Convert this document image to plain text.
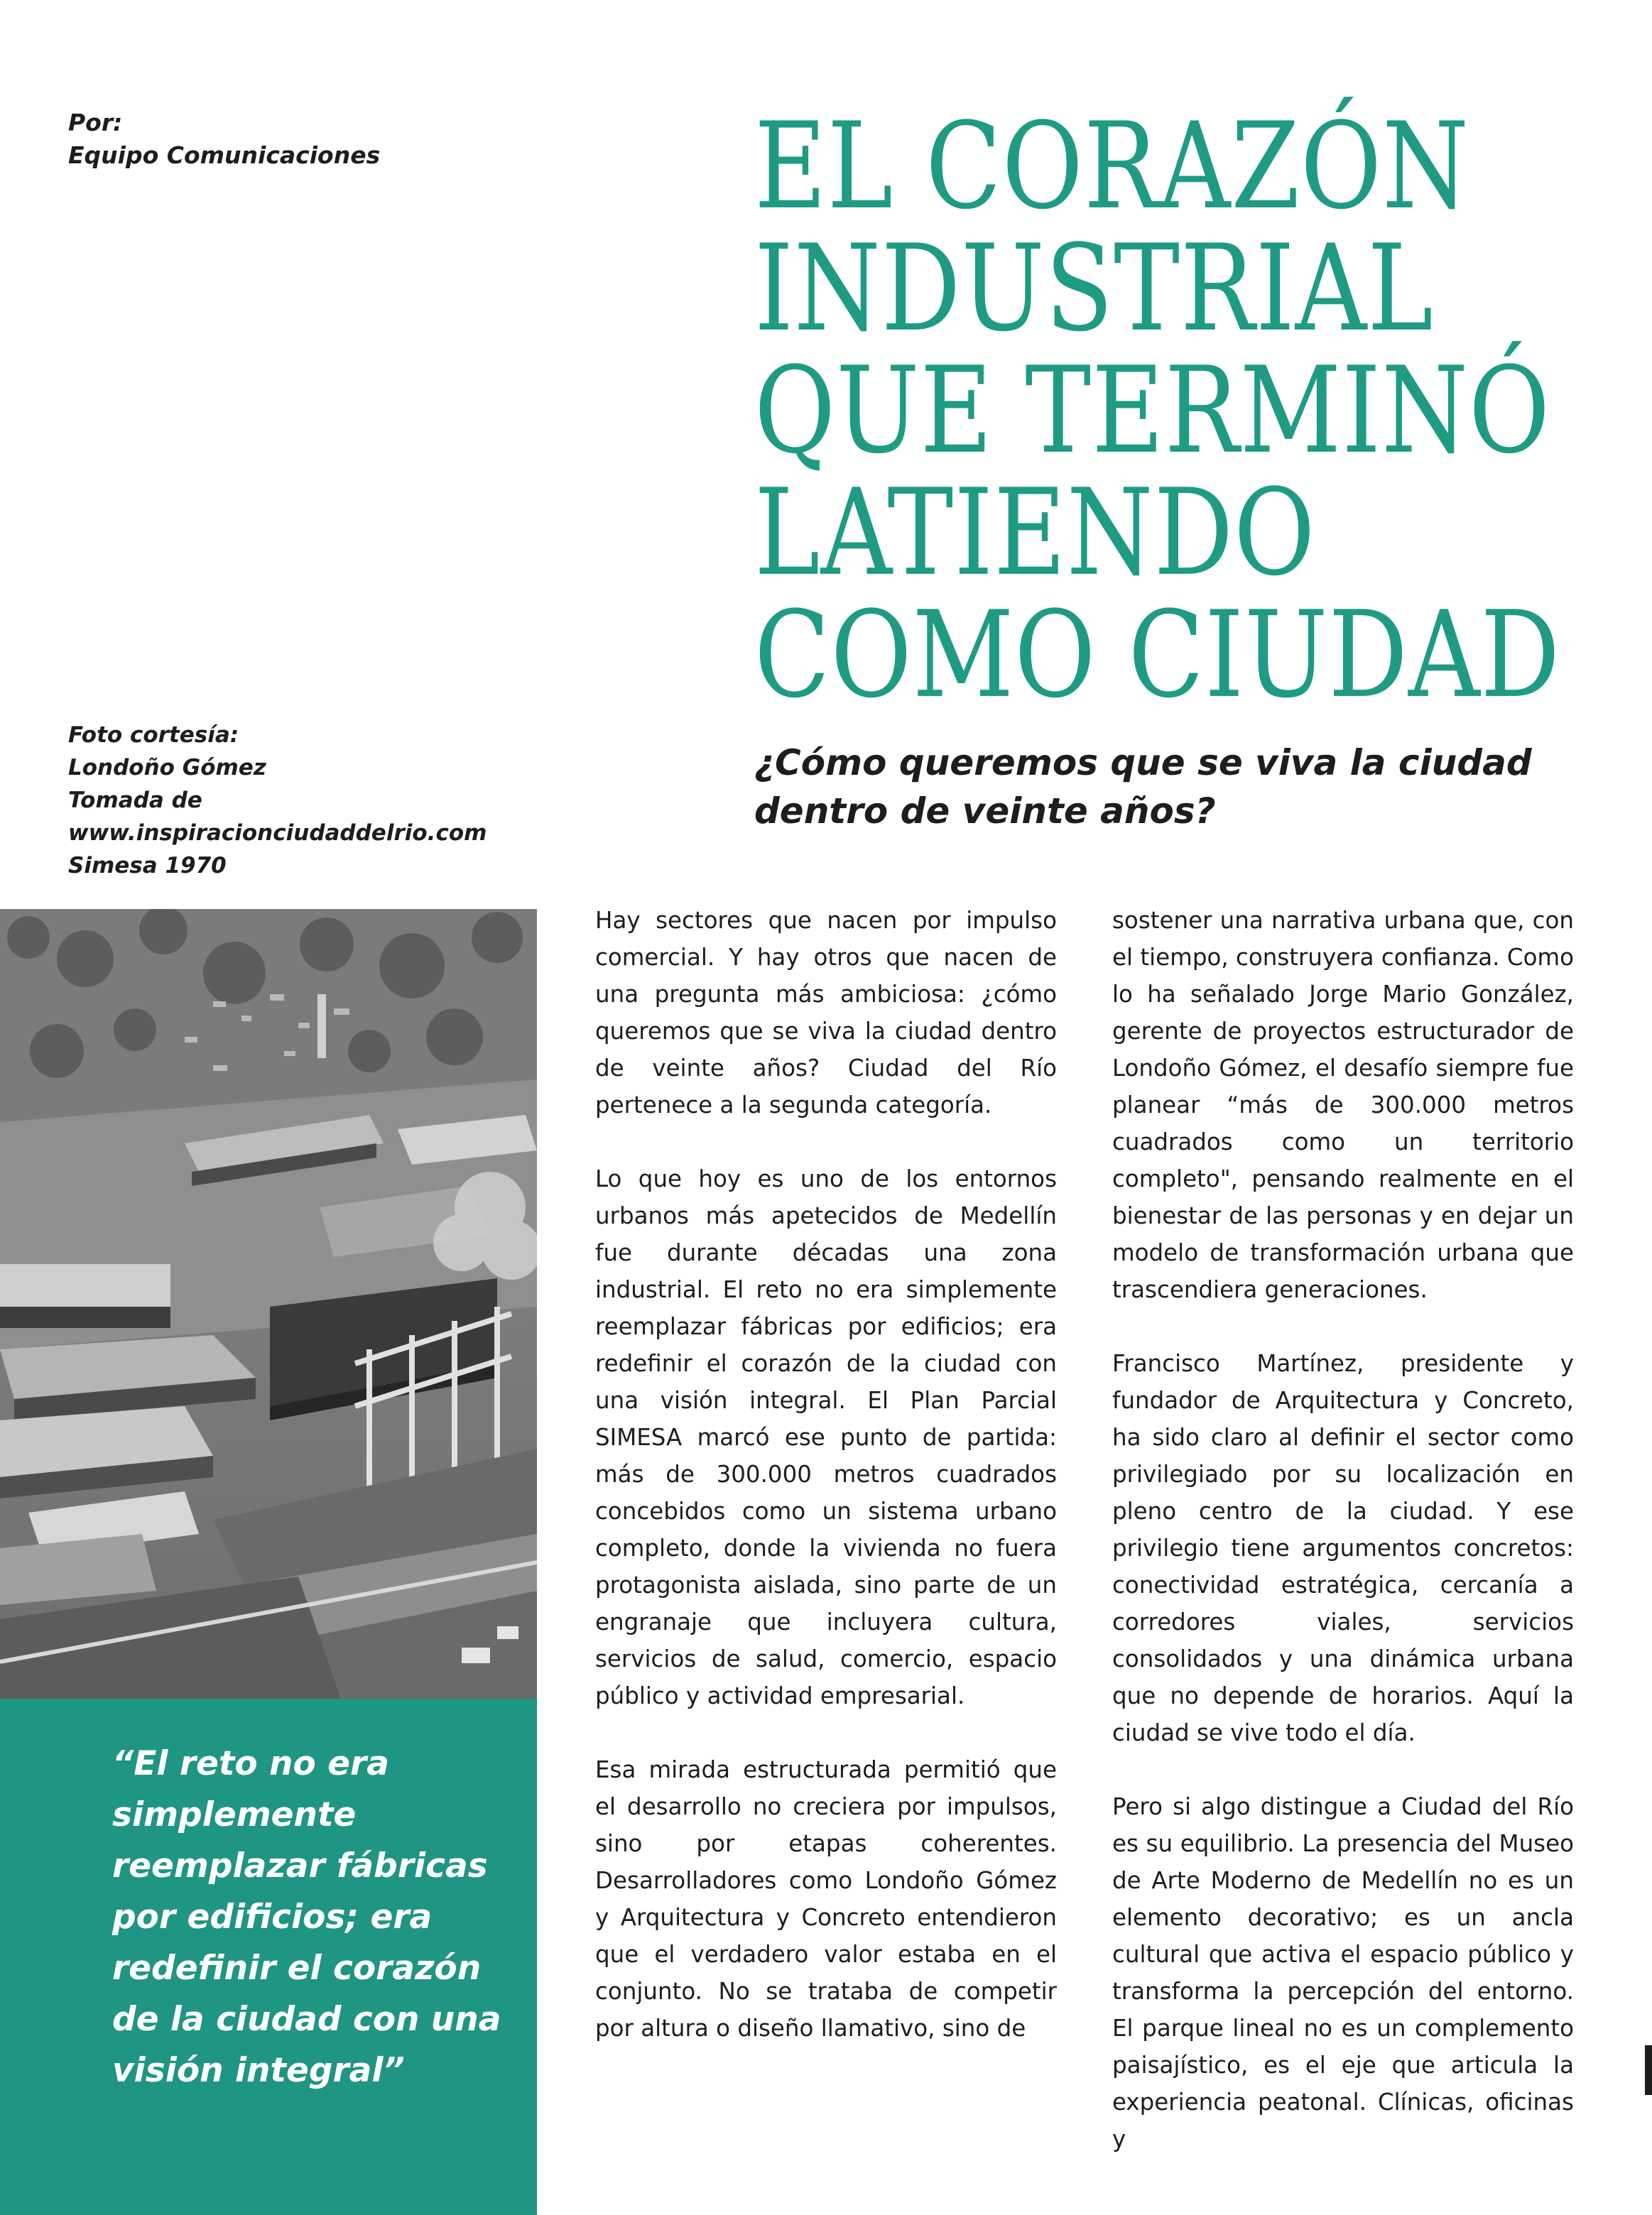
Por:
Equipo Comunicaciones	EL CORAZÓN
INDUSTRIAL
QUE TERMINÓ
LATIENDO
COMO CIUDAD
¿Cómo queremos que se viva la ciudad
dentro de veinte años?
Foto cortesía:
Londoño Gómez
Tomada de
www.inspiracionciudaddelrio.com
Simesa 1970
“El reto no era simplemente reemplazar fábricas por edificios; era redefinir el corazón de la ciudad con una visión integral”

Hay sectores que nacen por impulso comercial. Y hay otros que nacen de una pregunta más ambiciosa: ¿cómo queremos que se viva la ciudad dentro de veinte años? Ciudad del Río pertenece a la segunda categoría.

Lo que hoy es uno de los entornos urbanos más apetecidos de Medellín fue durante décadas una zona industrial. El reto no era simplemente reemplazar fábricas por edificios; era redefinir el corazón de la ciudad con una visión integral. El Plan Parcial SIMESA marcó ese punto de partida: más de 300.000 metros cuadrados concebidos como un sistema urbano completo, donde la vivienda no fuera protagonista aislada, sino parte de un engranaje que incluyera cultura, servicios de salud, comercio, espacio público y actividad empresarial.

Esa mirada estructurada permitió que el desarrollo no creciera por impulsos, sino por etapas coherentes. Desarrolladores como Londoño Gómez y Arquitectura y Concreto entendieron que el verdadero valor estaba en el conjunto. No se trataba de competir por altura o diseño llamativo, sino de

sostener una narrativa urbana que, con el tiempo, construyera confianza. Como lo ha señalado Jorge Mario González, gerente de proyectos estructurador de Londoño Gómez, el desafío siempre fue planear “más de 300.000 metros cuadrados como un territorio completo", pensando realmente en el bienestar de las personas y en dejar un modelo de transformación urbana que trascendiera generaciones.

Francisco Martínez, presidente y fundador de Arquitectura y Concreto, ha sido claro al definir el sector como privilegiado por su localización en pleno centro de la ciudad. Y ese privilegio tiene argumentos concretos: conectividad estratégica, cercanía a corredores viales, servicios consolidados y una dinámica urbana que no depende de horarios. Aquí la ciudad se vive todo el día.

Pero si algo distingue a Ciudad del Río es su equilibrio. La presencia del Museo de Arte Moderno de Medellín no es un elemento decorativo; es un ancla cultural que activa el espacio público y transforma la percepción del entorno. El parque lineal no es un complemento paisajístico, es el eje que articula la experiencia peatonal. Clínicas, oficinas y
